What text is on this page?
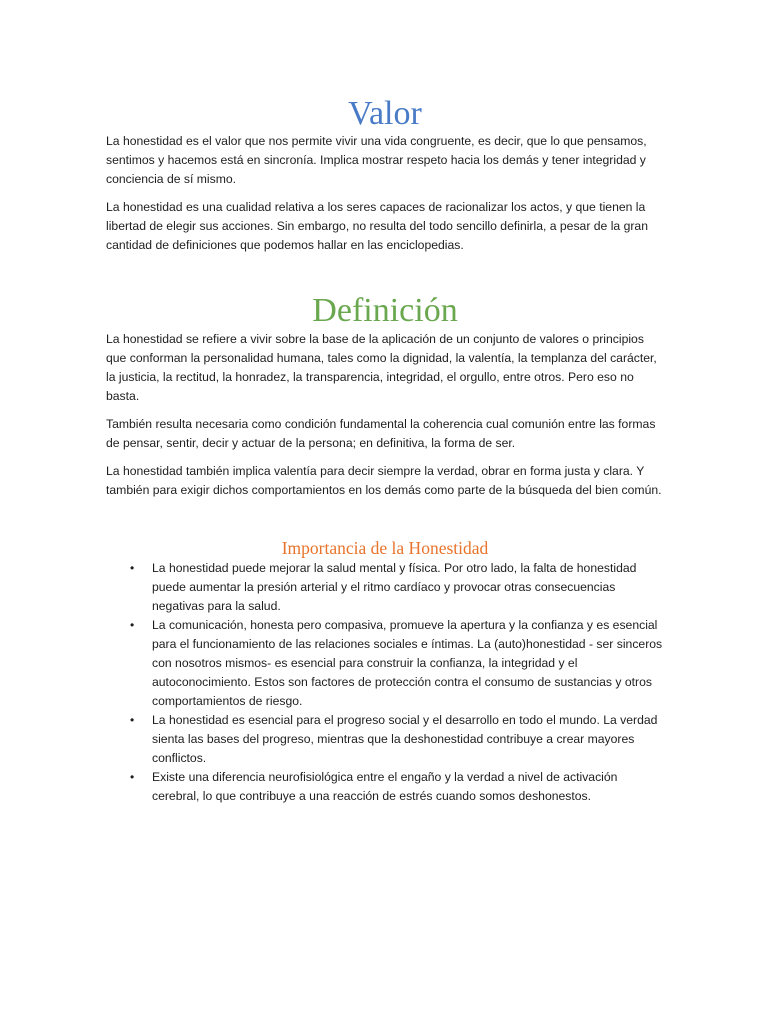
Valor

La honestidad es el valor que nos permite vivir una vida congruente, es decir, que lo que pensamos, sentimos y hacemos está en sincronía. Implica mostrar respeto hacia los demás y tener integridad y conciencia de sí mismo.

La honestidad es una cualidad relativa a los seres capaces de racionalizar los actos, y que tienen la libertad de elegir sus acciones. Sin embargo, no resulta del todo sencillo definirla, a pesar de la gran cantidad de definiciones que podemos hallar en las enciclopedias.

Definición

La honestidad se refiere a vivir sobre la base de la aplicación de un conjunto de valores o principios que conforman la personalidad humana, tales como la dignidad, la valentía, la templanza del carácter, la justicia, la rectitud, la honradez, la transparencia, integridad, el orgullo, entre otros. Pero eso no basta.

También resulta necesaria como condición fundamental la coherencia cual comunión entre las formas de pensar, sentir, decir y actuar de la persona; en definitiva, la forma de ser.

La honestidad también implica valentía para decir siempre la verdad, obrar en forma justa y clara. Y también para exigir dichos comportamientos en los demás como parte de la búsqueda del bien común.

Importancia de la Honestidad
• La honestidad puede mejorar la salud mental y física. Por otro lado, la falta de honestidad puede aumentar la presión arterial y el ritmo cardíaco y provocar otras consecuencias negativas para la salud.
• La comunicación, honesta pero compasiva, promueve la apertura y la confianza y es esencial para el funcionamiento de las relaciones sociales e íntimas. La (auto)honestidad - ser sinceros con nosotros mismos- es esencial para construir la confianza, la integridad y el autoconocimiento. Estos son factores de protección contra el consumo de sustancias y otros comportamientos de riesgo.
• La honestidad es esencial para el progreso social y el desarrollo en todo el mundo. La verdad sienta las bases del progreso, mientras que la deshonestidad contribuye a crear mayores conflictos.
• Existe una diferencia neurofisiológica entre el engaño y la verdad a nivel de activación cerebral, lo que contribuye a una reacción de estrés cuando somos deshonestos.
